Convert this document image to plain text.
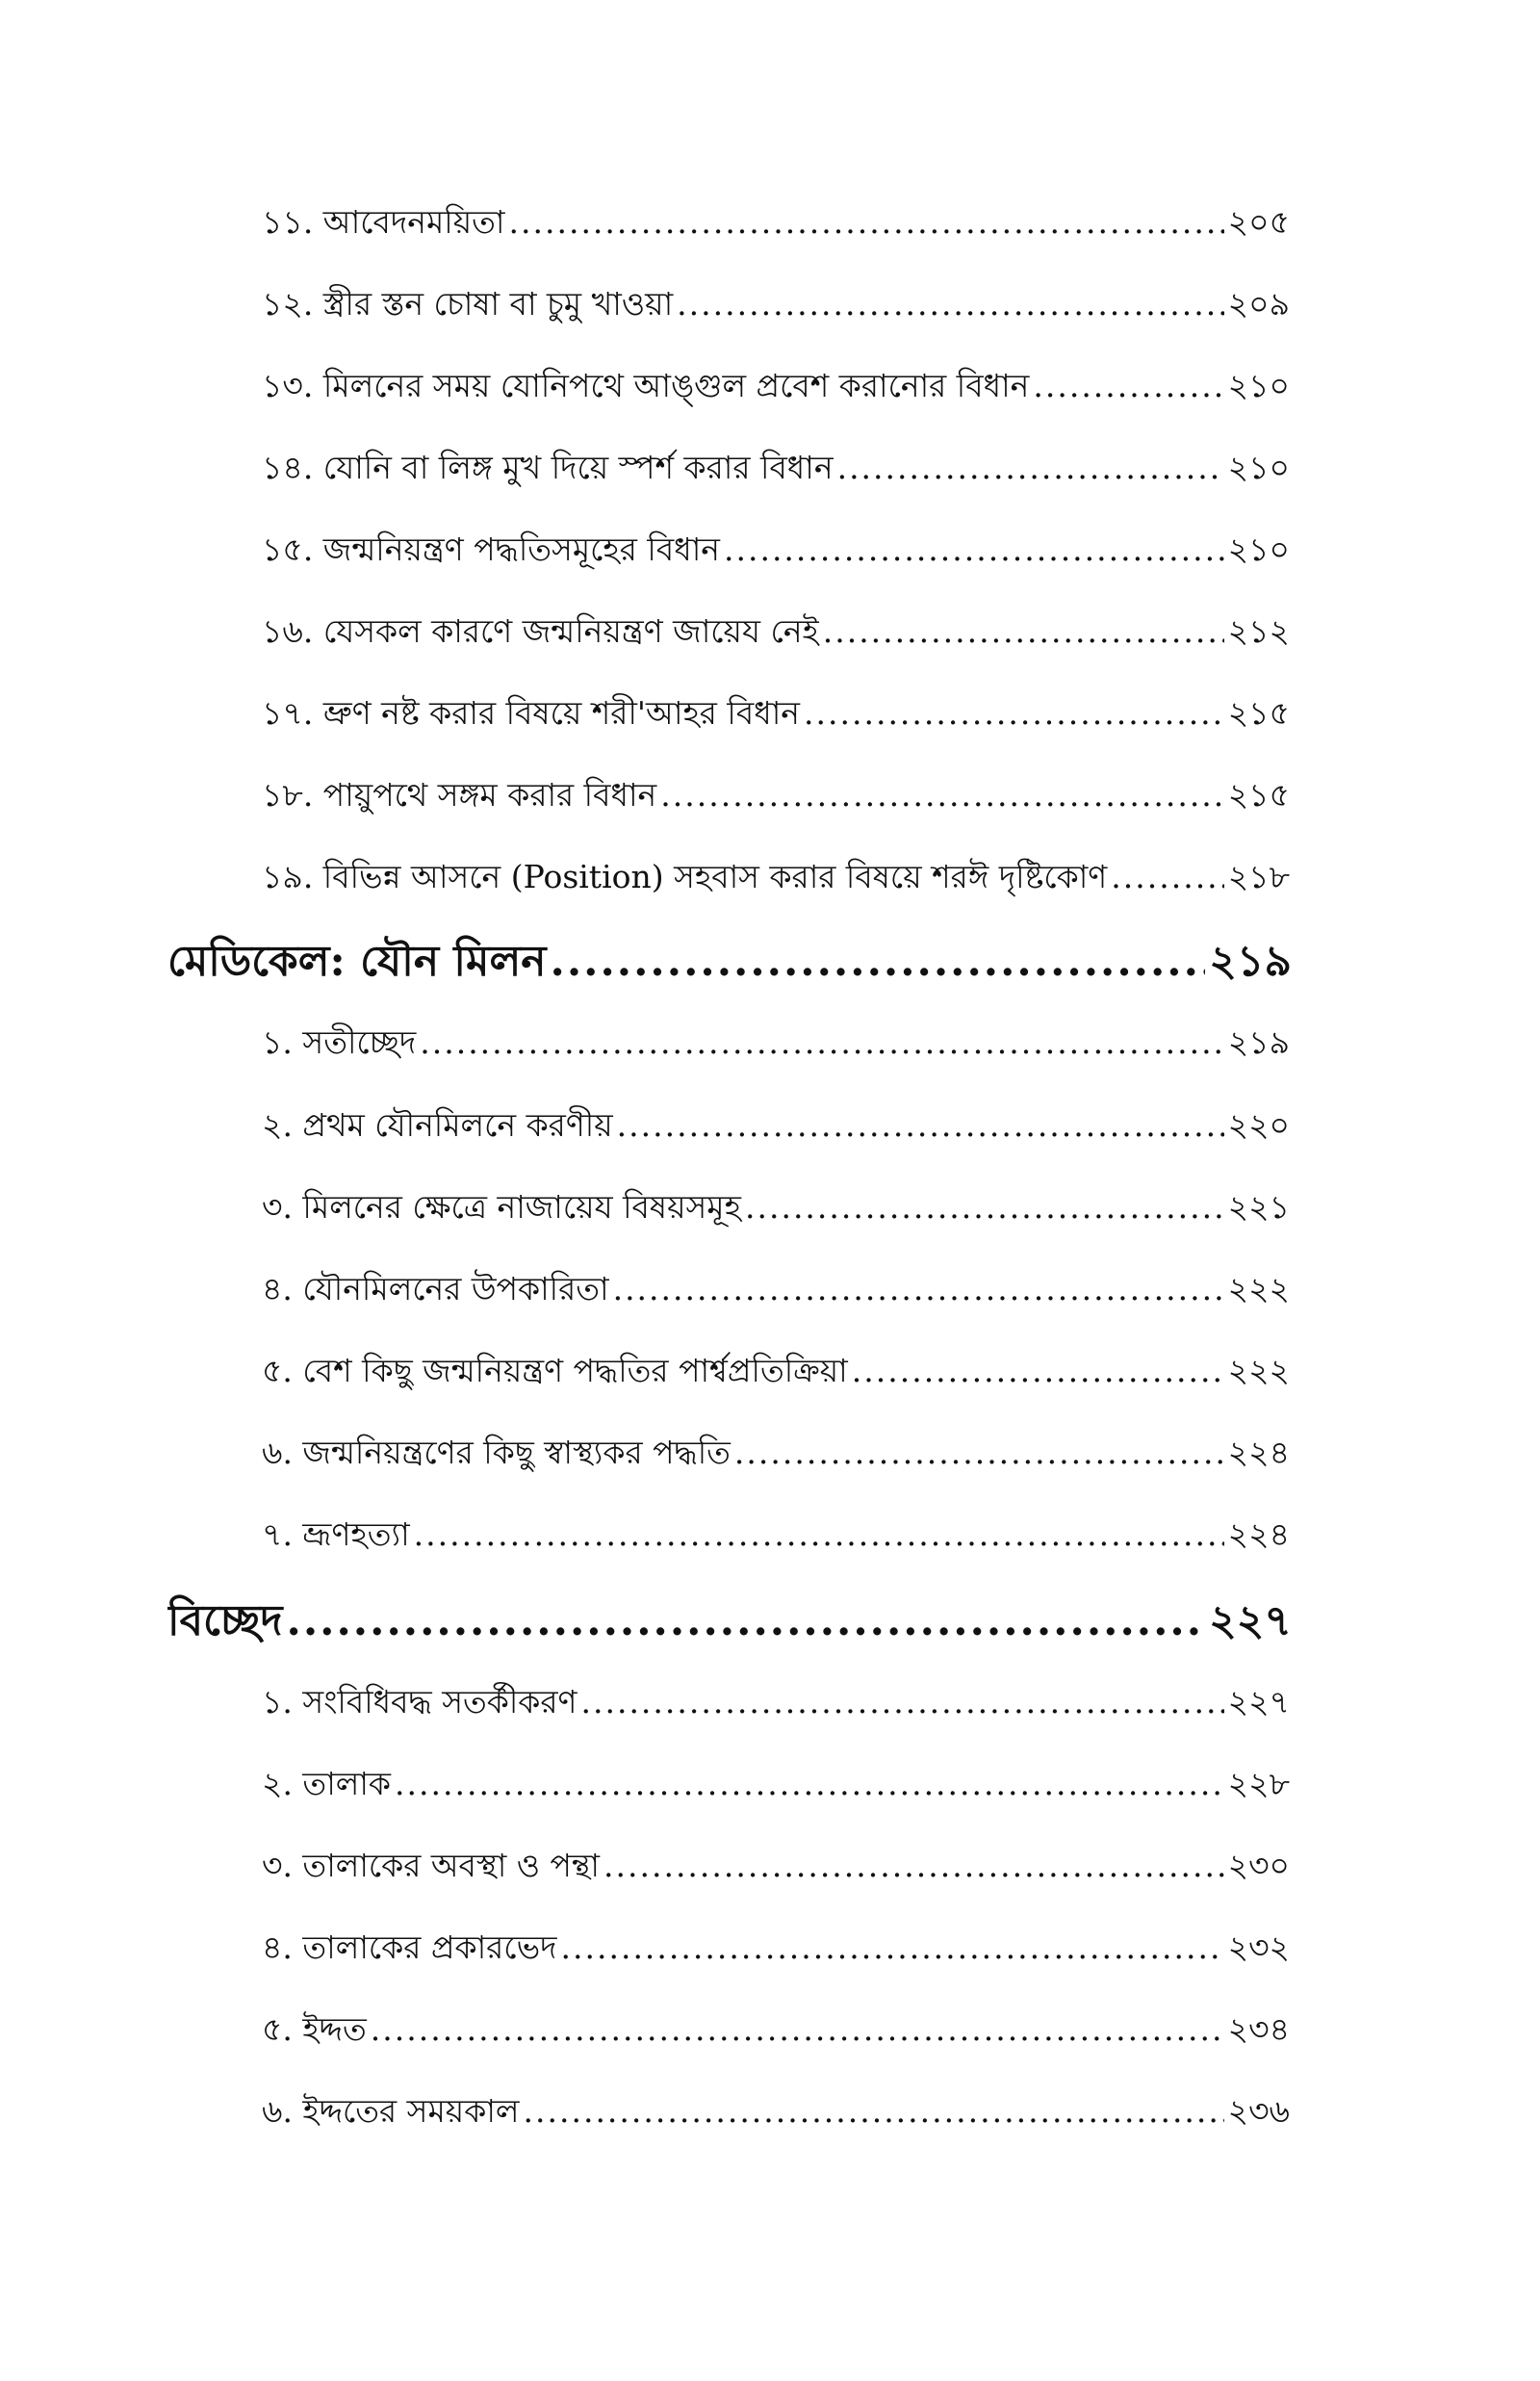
১১. আবেদনময়িতা .....	২০৫
১২. স্ত্রীর স্তন চোষা বা চুমু খাওয়া .....	২০৯
১৩. মিলনের সময় যোনিপথে আঙ্গুল প্রবেশ করানোর বিধান .....	২১০
১৪. যোনি বা লিঙ্গ মুখ দিয়ে স্পর্শ করার বিধান .....	২১০
১৫. জন্মনিয়ন্ত্রণ পদ্ধতিসমূহের বিধান .....	২১০
১৬. যেসকল কারণে জন্মনিয়ন্ত্রণ জায়েয নেই .....	২১২
১৭. ভ্রুণ নষ্ট করার বিষয়ে শরী'আহর বিধান .....	২১৫
১৮. পায়ুপথে সঙ্গম করার বিধান .....	২১৫
১৯. বিভিন্ন আসনে (Position) সহবাস করার বিষয়ে শরঈ দৃষ্টিকোণ .....	২১৮
মেডিকেল: যৌন মিলন .....	২১৯
১. সতীচ্ছেদ .....	২১৯
২. প্রথম যৌনমিলনে করণীয় .....	২২০
৩. মিলনের ক্ষেত্রে নাজায়েয বিষয়সমূহ .....	২২১
৪. যৌনমিলনের উপকারিতা .....	২২২
৫. বেশ কিছু জন্মনিয়ন্ত্রণ পদ্ধতির পার্শ্বপ্রতিক্রিয়া .....	২২২
৬. জন্মনিয়ন্ত্রণের কিছু স্বাস্থ্যকর পদ্ধতি .....	২২৪
৭. ভ্রূণহত্যা .....	২২৪
বিচ্ছেদ .....	২২৭
১. সংবিধিবদ্ধ সতর্কীকরণ .....	২২৭
২. তালাক .....	২২৮
৩. তালাকের অবস্থা ও পন্থা .....	২৩০
৪. তালাকের প্রকারভেদ .....	২৩২
৫. ইদ্দত .....	২৩৪
৬. ইদ্দতের সময়কাল .....	২৩৬
